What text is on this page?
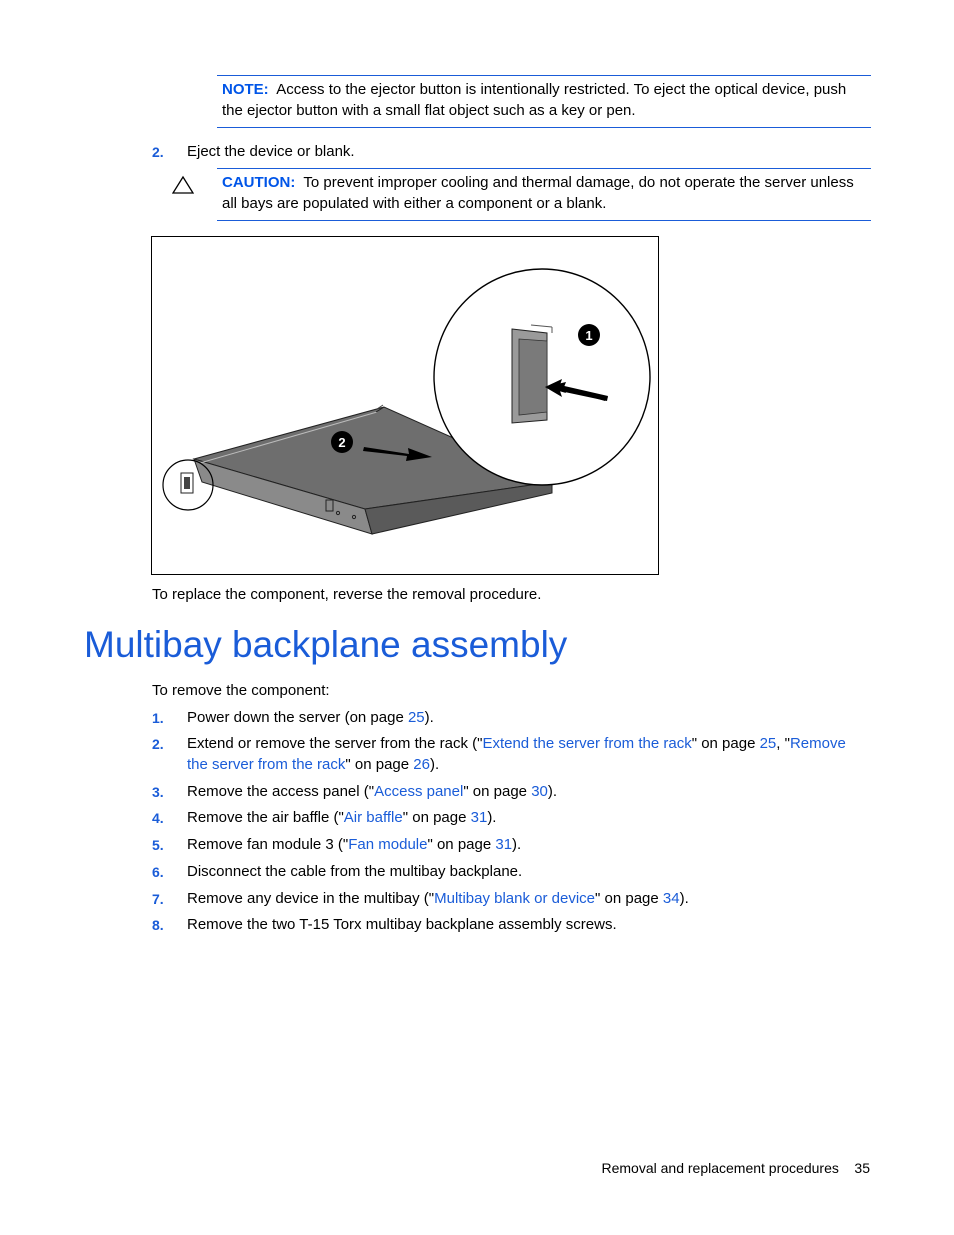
NOTE: Access to the ejector button is intentionally restricted. To eject the optical device, push

the ejector button with a small flat object such as a key or pen.

2. Eject the device or blank.

CAUTION: To prevent improper cooling and thermal damage, do not operate the server unless

all bays are populated with either a component or a blank.

1
2
To replace the component, reverse the removal procedure.
Multibay backplane assembly
To remove the component:
1. Power down the server (on page 25).
2. Extend or remove the server from the rack ("Extend the server from the rack" on page 25, "Remove

the server from the rack" on page 26).

3. Remove the access panel ("Access panel" on page 30).
4. Remove the air baffle ("Air baffle" on page 31).
5. Remove fan module 3 ("Fan module" on page 31).
6. Disconnect the cable from the multibay backplane.
7. Remove any device in the multibay ("Multibay blank or device" on page 34).
8. Remove the two T-15 Torx multibay backplane assembly screws.
Removal and replacement procedures 35
